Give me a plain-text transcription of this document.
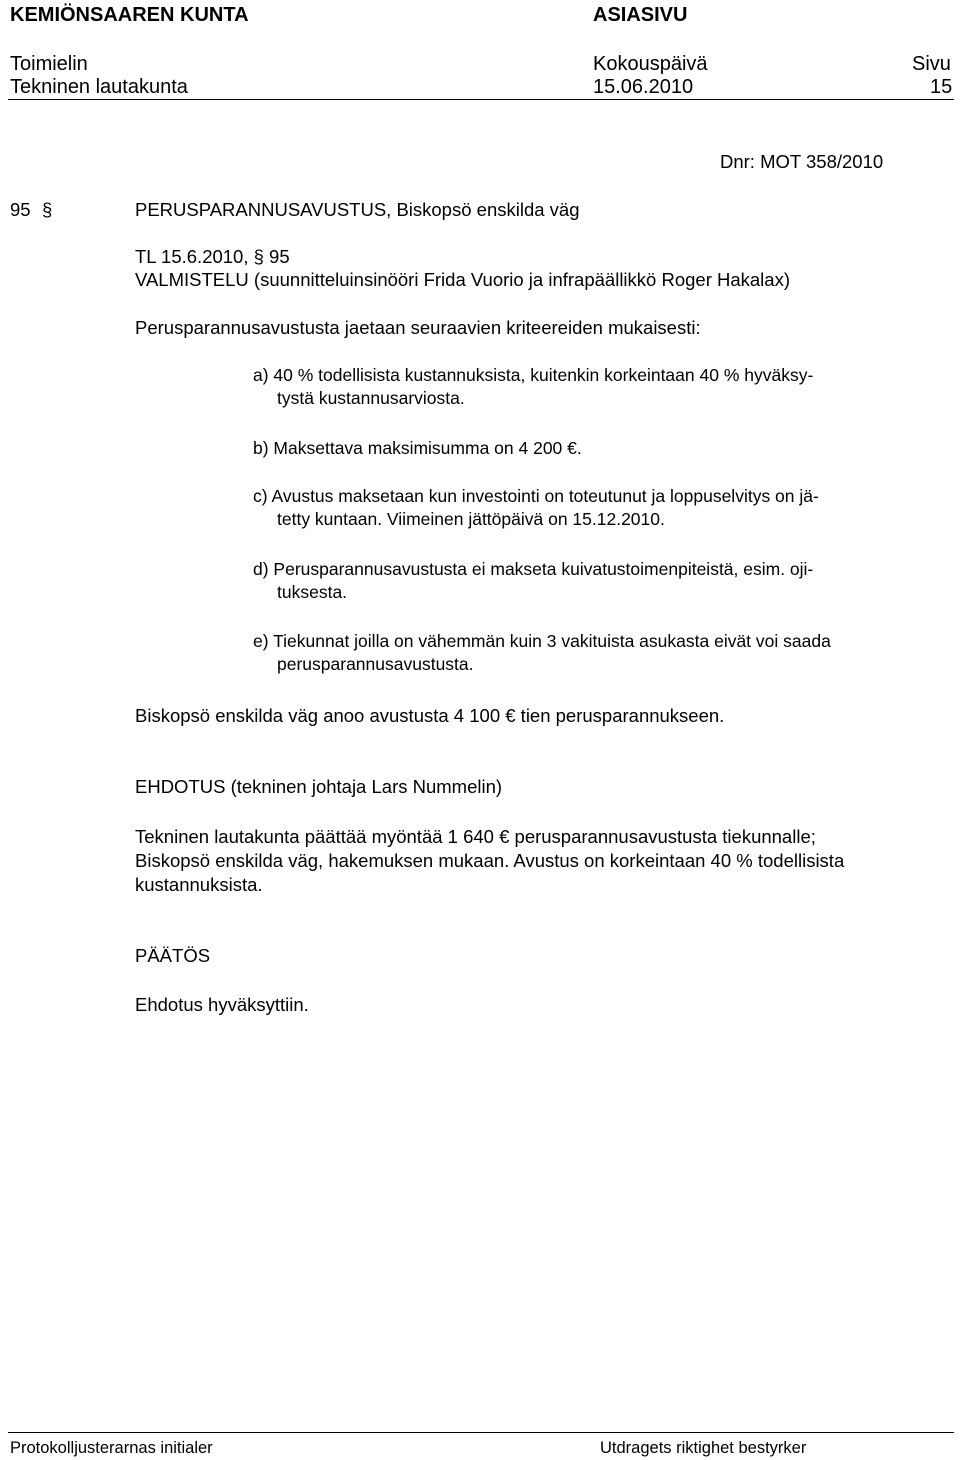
KEMIÖNSAAREN KUNTA	ASIASIVU
Toimielin	Kokouspäivä	Sivu
Tekninen lautakunta	15.06.2010	15
Dnr: MOT 358/2010
95 §	PERUSPARANNUSAVUSTUS, Biskopsö enskilda väg
TL 15.6.2010, § 95
VALMISTELU (suunnitteluinsinööri Frida Vuorio ja infrapäällikkö Roger Hakalax)
Perusparannusavustusta jaetaan seuraavien kriteereiden mukaisesti:
a) 40 % todellisista kustannuksista, kuitenkin korkeintaan 40 % hyväksy-
tystä kustannusarviosta.
b) Maksettava maksimisumma on 4 200 €.
c) Avustus maksetaan kun investointi on toteutunut ja loppuselvitys on jä-
tetty kuntaan. Viimeinen jättöpäivä on 15.12.2010.
d) Perusparannusavustusta ei makseta kuivatustoimenpiteistä, esim. oji-
tuksesta.
e) Tiekunnat joilla on vähemmän kuin 3 vakituista asukasta eivät voi saada
perusparannusavustusta.
Biskopsö enskilda väg anoo avustusta 4 100 € tien perusparannukseen.
EHDOTUS (tekninen johtaja Lars Nummelin)
Tekninen lautakunta päättää myöntää 1 640 € perusparannusavustusta tiekunnalle;
Biskopsö enskilda väg, hakemuksen mukaan. Avustus on korkeintaan 40 % todellisista
kustannuksista.
PÄÄTÖS
Ehdotus hyväksyttiin.
Protokolljusterarnas initialer	Utdragets riktighet bestyrker
